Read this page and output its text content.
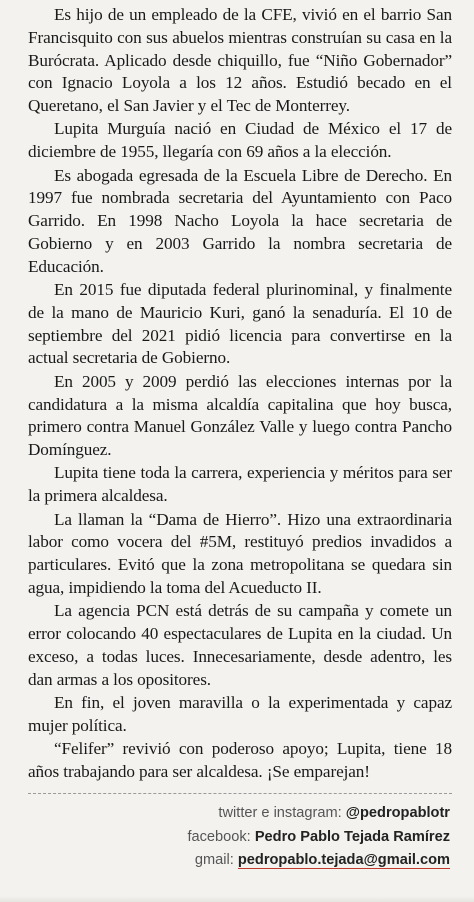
Es hijo de un empleado de la CFE, vivió en el barrio San Francisquito con sus abuelos mientras construían su casa en la Burócrata. Aplicado desde chiquillo, fue “Niño Gobernador” con Ignacio Loyola a los 12 años. Estudió becado en el Queretano, el San Javier y el Tec de Monterrey.

Lupita Murguía nació en Ciudad de México el 17 de diciembre de 1955, llegaría con 69 años a la elección.

Es abogada egresada de la Escuela Libre de Derecho. En 1997 fue nombrada secretaria del Ayuntamiento con Paco Garrido. En 1998 Nacho Loyola la hace secretaria de Gobierno y en 2003 Garrido la nombra secretaria de Educación.

En 2015 fue diputada federal plurinominal, y finalmente de la mano de Mauricio Kuri, ganó la senaduría. El 10 de septiembre del 2021 pidió licencia para convertirse en la actual secretaria de Gobierno.

En 2005 y 2009 perdió las elecciones internas por la candidatura a la misma alcaldía capitalina que hoy busca, primero contra Manuel González Valle y luego contra Pancho Domínguez.

Lupita tiene toda la carrera, experiencia y méritos para ser la primera alcaldesa.

La llaman la “Dama de Hierro”. Hizo una extraordinaria labor como vocera del #5M, restituyó predios invadidos a particulares. Evitó que la zona metropolitana se quedara sin agua, impidiendo la toma del Acueducto II.

La agencia PCN está detrás de su campaña y comete un error colocando 40 espectaculares de Lupita en la ciudad. Un exceso, a todas luces. Innecesariamente, desde adentro, les dan armas a los opositores.

En fin, el joven maravilla o la experimentada y capaz mujer política.

“Felifer” revivió con poderoso apoyo; Lupita, tiene 18 años trabajando para ser alcaldesa. ¡Se emparejan!

twitter e instagram: @pedropablotr
facebook: Pedro Pablo Tejada Ramírez
gmail: pedropablo.tejada@gmail.com
